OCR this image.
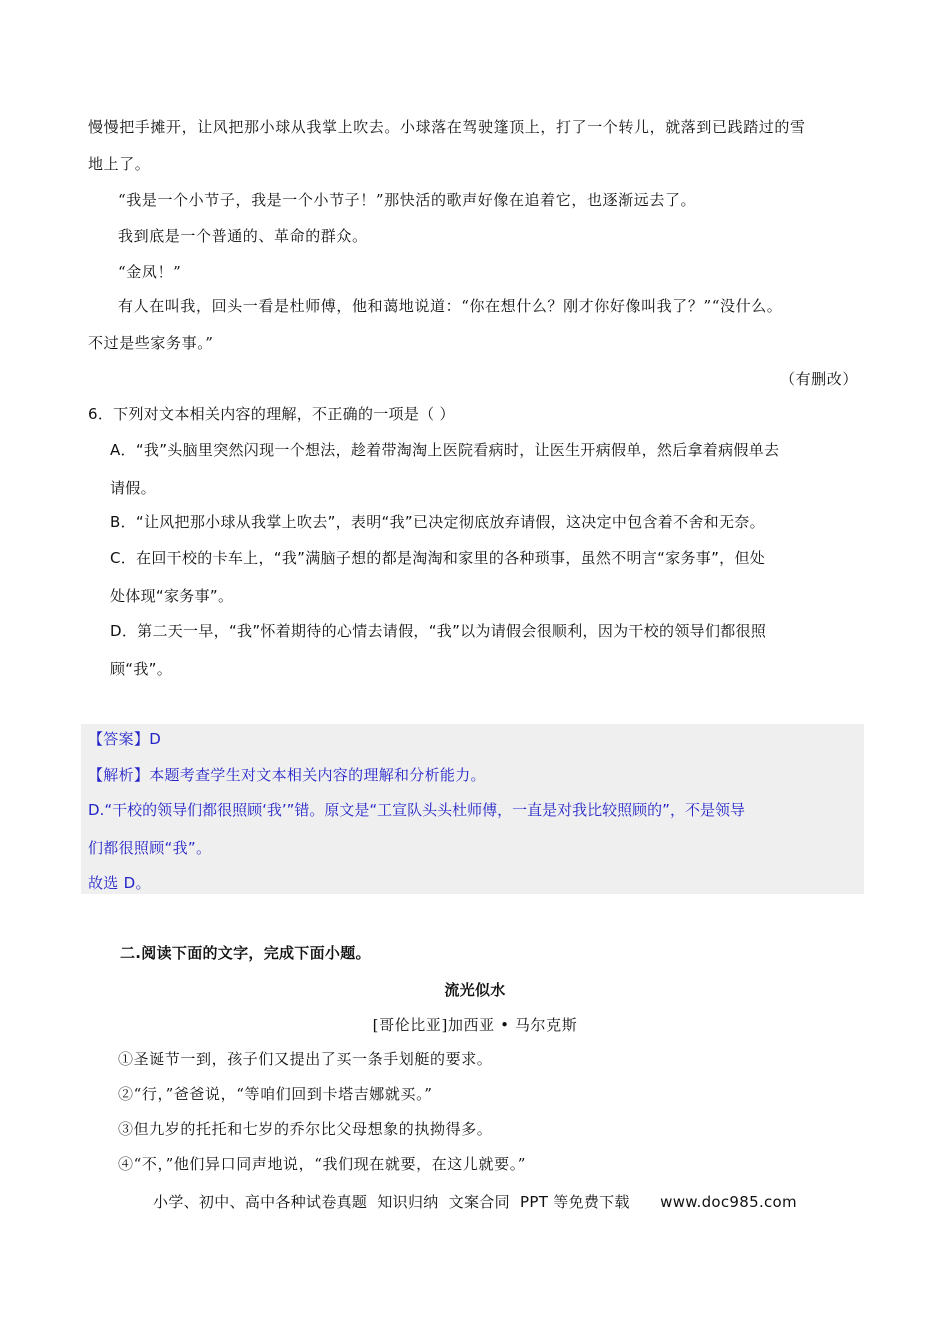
慢慢把手摊开，让风把那小球从我掌上吹去。小球落在驾驶篷顶上，打了一个转儿，就落到已践踏过的雪
地上了。
“我是一个小节子，我是一个小节子！”那快活的歌声好像在追着它，也逐渐远去了。
我到底是一个普通的、革命的群众。
“金凤！”
有人在叫我，回头一看是杜师傅，他和蔼地说道：“你在想什么？刚才你好像叫我了？”“没什么。
不过是些家务事。”
（有删改）
6．下列对文本相关内容的理解，不正确的一项是（ ）
A．“我”头脑里突然闪现一个想法，趁着带淘淘上医院看病时，让医生开病假单，然后拿着病假单去
请假。
B．“让风把那小球从我掌上吹去”，表明“我”已决定彻底放弃请假，这决定中包含着不舍和无奈。
C．在回干校的卡车上，“我”满脑子想的都是淘淘和家里的各种琐事，虽然不明言“家务事”，但处
处体现“家务事”。
D．第二天一早，“我”怀着期待的心情去请假，“我”以为请假会很顺利，因为干校的领导们都很照
顾“我”。
【答案】D
【解析】本题考查学生对文本相关内容的理解和分析能力。
D.“干校的领导们都很照顾‘我’”错。原文是“工宣队头头杜师傅，一直是对我比较照顾的”，不是领导
们都很照顾“我”。
故选 D。
二.阅读下面的文字，完成下面小题。
流光似水
[哥伦比亚]加西亚 • 马尔克斯
①圣诞节一到，孩子们又提出了买一条手划艇的要求。
②“行，”爸爸说，“等咱们回到卡塔吉娜就买。”
③但九岁的托托和七岁的乔尔比父母想象的执拗得多。
④“不，”他们异口同声地说，“我们现在就要，在这儿就要。”
小学、初中、高中各种试卷真题  知识归纳  文案合同  PPT 等免费下载      www.doc985.com
